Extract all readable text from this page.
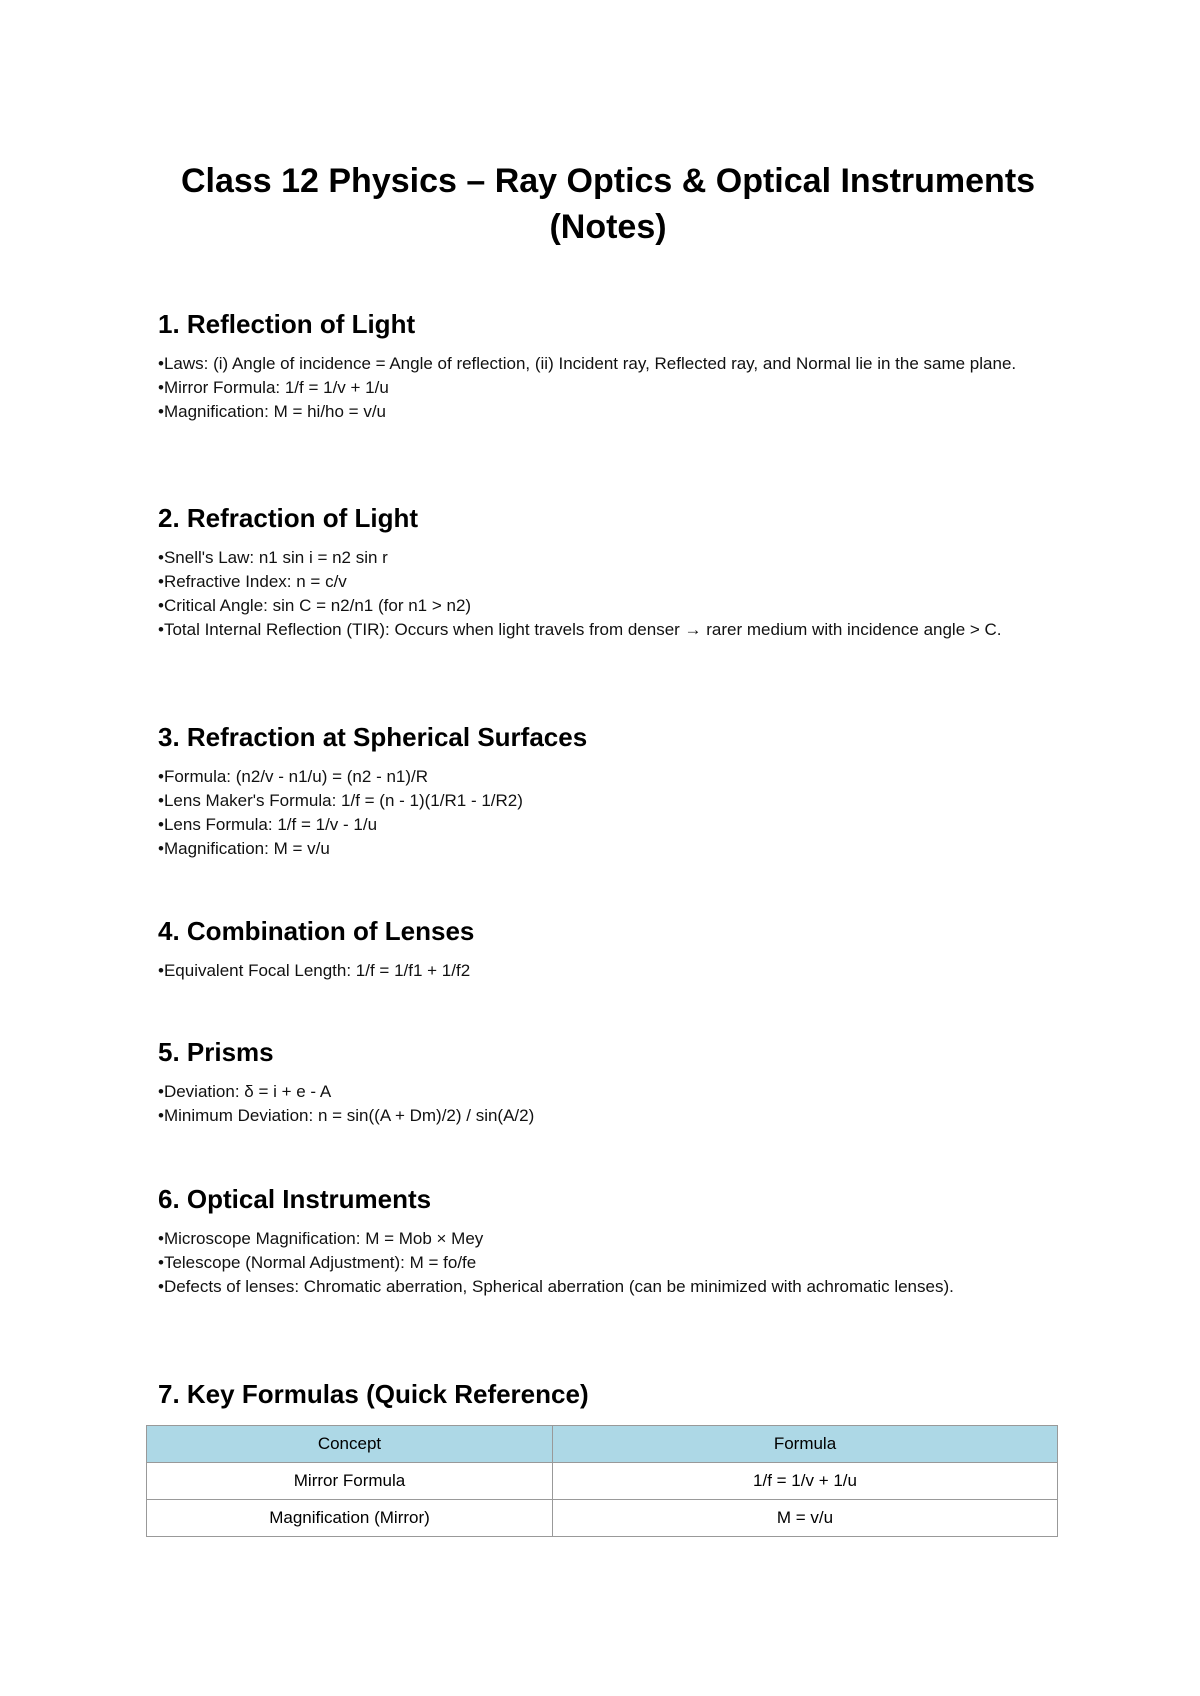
Class 12 Physics – Ray Optics & Optical Instruments (Notes)
1. Reflection of Light
• Laws: (i) Angle of incidence = Angle of reflection, (ii) Incident ray, Reflected ray, and Normal lie in the same plane.
• Mirror Formula: 1/f = 1/v + 1/u
• Magnification: M = hi/ho = v/u
2. Refraction of Light
• Snell's Law: n1 sin i = n2 sin r
• Refractive Index: n = c/v
• Critical Angle: sin C = n2/n1 (for n1 > n2)
• Total Internal Reflection (TIR): Occurs when light travels from denser → rarer medium with incidence angle > C.
3. Refraction at Spherical Surfaces
• Formula: (n2/v - n1/u) = (n2 - n1)/R
• Lens Maker's Formula: 1/f = (n - 1)(1/R1 - 1/R2)
• Lens Formula: 1/f = 1/v - 1/u
• Magnification: M = v/u
4. Combination of Lenses
• Equivalent Focal Length: 1/f = 1/f1 + 1/f2
5. Prisms
• Deviation: δ = i + e - A
• Minimum Deviation: n = sin((A + Dm)/2) / sin(A/2)
6. Optical Instruments
• Microscope Magnification: M = Mob × Mey
• Telescope (Normal Adjustment): M = fo/fe
• Defects of lenses: Chromatic aberration, Spherical aberration (can be minimized with achromatic lenses).
7. Key Formulas (Quick Reference)
Concept	Formula
Mirror Formula	1/f = 1/v + 1/u
Magnification (Mirror)	M = v/u
